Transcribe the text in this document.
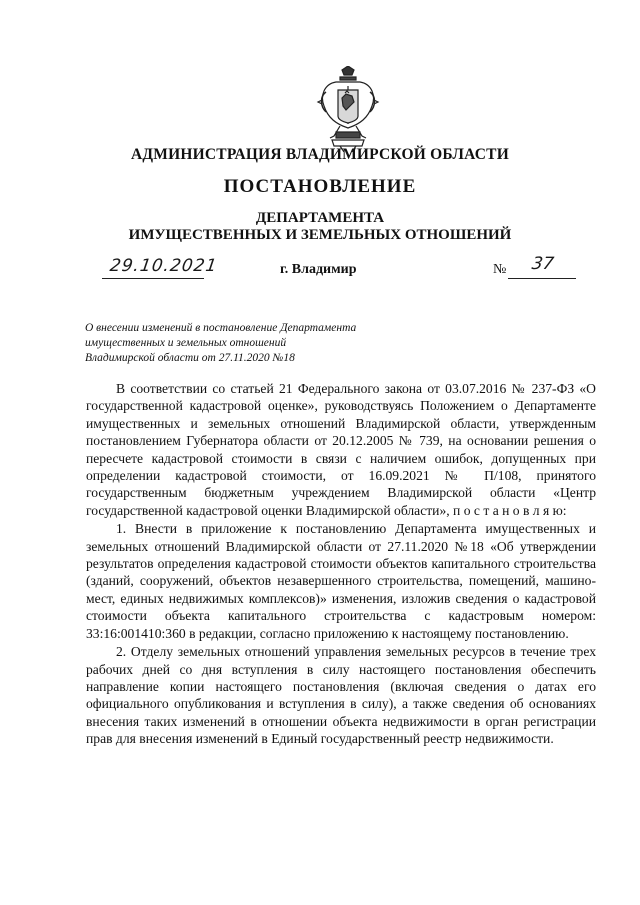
АДМИНИСТРАЦИЯ ВЛАДИМИРСКОЙ ОБЛАСТИ
ПОСТАНОВЛЕНИЕ
ДЕПАРТАМЕНТА
ИМУЩЕСТВЕННЫХ И ЗЕМЕЛЬНЫХ ОТНОШЕНИЙ
29.10.2021	г. Владимир	№ 37
О внесении изменений в постановление Департамента
имущественных и земельных отношений
Владимирской области от 27.11.2020 №18

В соответствии со статьей 21 Федерального закона от 03.07.2016 № 237-ФЗ «О государственной кадастровой оценке», руководствуясь Положением о Департаменте имущественных и земельных отношений Владимирской области, утвержденным постановлением Губернатора области от 20.12.2005 № 739, на основании решения о пересчете кадастровой стоимости в связи с наличием ошибок, допущенных при определении кадастровой стоимости, от 16.09.2021 № П/108, принятого государственным бюджетным учреждением Владимирской области «Центр государственной кадастровой оценки Владимирской области», п о с т а н о в л я ю:

1. Внести в приложение к постановлению Департамента имущественных и земельных отношений Владимирской области от 27.11.2020 №18 «Об утверждении результатов определения кадастровой стоимости объектов капитального строительства (зданий, сооружений, объектов незавершенного строительства, помещений, машино-мест, единых недвижимых комплексов)» изменения, изложив сведения о кадастровой стоимости объекта капитального строительства с кадастровым номером: 33:16:001410:360 в редакции, согласно приложению к настоящему постановлению.

2. Отделу земельных отношений управления земельных ресурсов в течение трех рабочих дней со дня вступления в силу настоящего постановления обеспечить направление копии настоящего постановления (включая сведения о датах его официального опубликования и вступления в силу), а также сведения об основаниях внесения таких изменений в отношении объекта недвижимости в орган регистрации прав для внесения изменений в Единый государственный реестр недвижимости.
